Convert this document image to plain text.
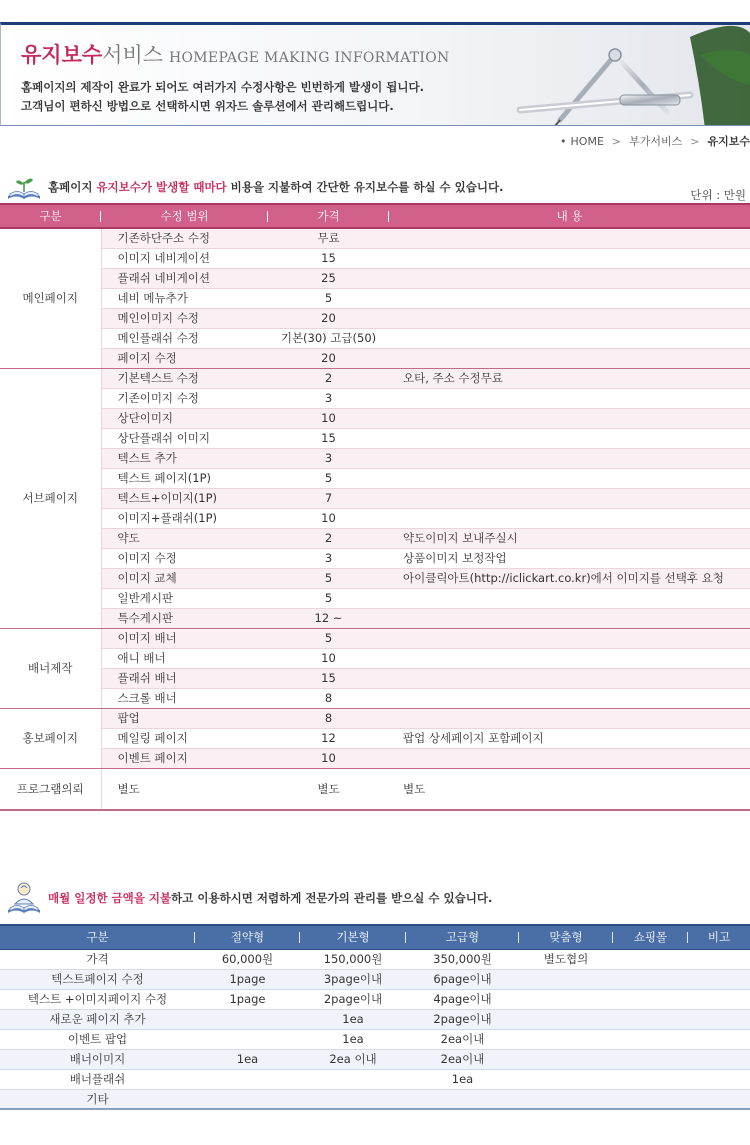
유지보수서비스 HOMEPAGE MAKING INFORMATION
홈페이지의 제작이 완료가 되어도 여러가지 수정사항은 빈번하게 발생이 됩니다.
고객님이 편하신 방법으로 선택하시면 위자드 솔루션에서 관리해드립니다.
• HOME > 부가서비스 > 유지보수
홈페이지 유지보수가 발생할 때마다 비용을 지불하여 간단한 유지보수를 하실 수 있습니다.
단위 : 만원
구분	수정 범위	가격	내 용
메인페이지	기존하단주소 수정	무료	
	이미지 네비게이션	15	
	플래쉬 네비게이션	25	
	네비 메뉴추가	5	
	메인이미지 수정	20	
	메인플래쉬 수정	기본(30) 고급(50)	
	페이지 수정	20	
서브페이지	기본텍스트 수정	2	오타, 주소 수정무료
	기존이미지 수정	3	
	상단이미지	10	
	상단플래쉬 이미지	15	
	텍스트 추가	3	
	텍스트 페이지(1P)	5	
	텍스트+이미지(1P)	7	
	이미지+플래쉬(1P)	10	
	약도	2	약도이미지 보내주실시
	이미지 수정	3	상품이미지 보정작업
	이미지 교체	5	아이클릭아트(http://iclickart.co.kr)에서 이미지를 선택후 요청
	일반게시판	5	
	특수게시판	12 ~	
배너제작	이미지 배너	5	
	애니 배너	10	
	플래쉬 배너	15	
	스크롤 배너	8	
홍보페이지	팝업	8	
	메일링 페이지	12	팝업 상세페이지 포함페이지
	이벤트 페이지	10	
프로그램의뢰	별도	별도	별도
매월 일정한 금액을 지불하고 이용하시면 저렴하게 전문가의 관리를 받으실 수 있습니다.
구분	절약형	기본형	고급형	맞춤형	쇼핑몰	비고
가격	60,000원	150,000원	350,000원	별도협의		
텍스트페이지 수정	1page	3page이내	6page이내			
텍스트 +이미지페이지 수정	1page	2page이내	4page이내			
새로운 페이지 추가		1ea	2page이내			
이벤트 팝업		1ea	2ea이내			
배너이미지	1ea	2ea 이내	2ea이내			
배너플래쉬			1ea			
기타						
